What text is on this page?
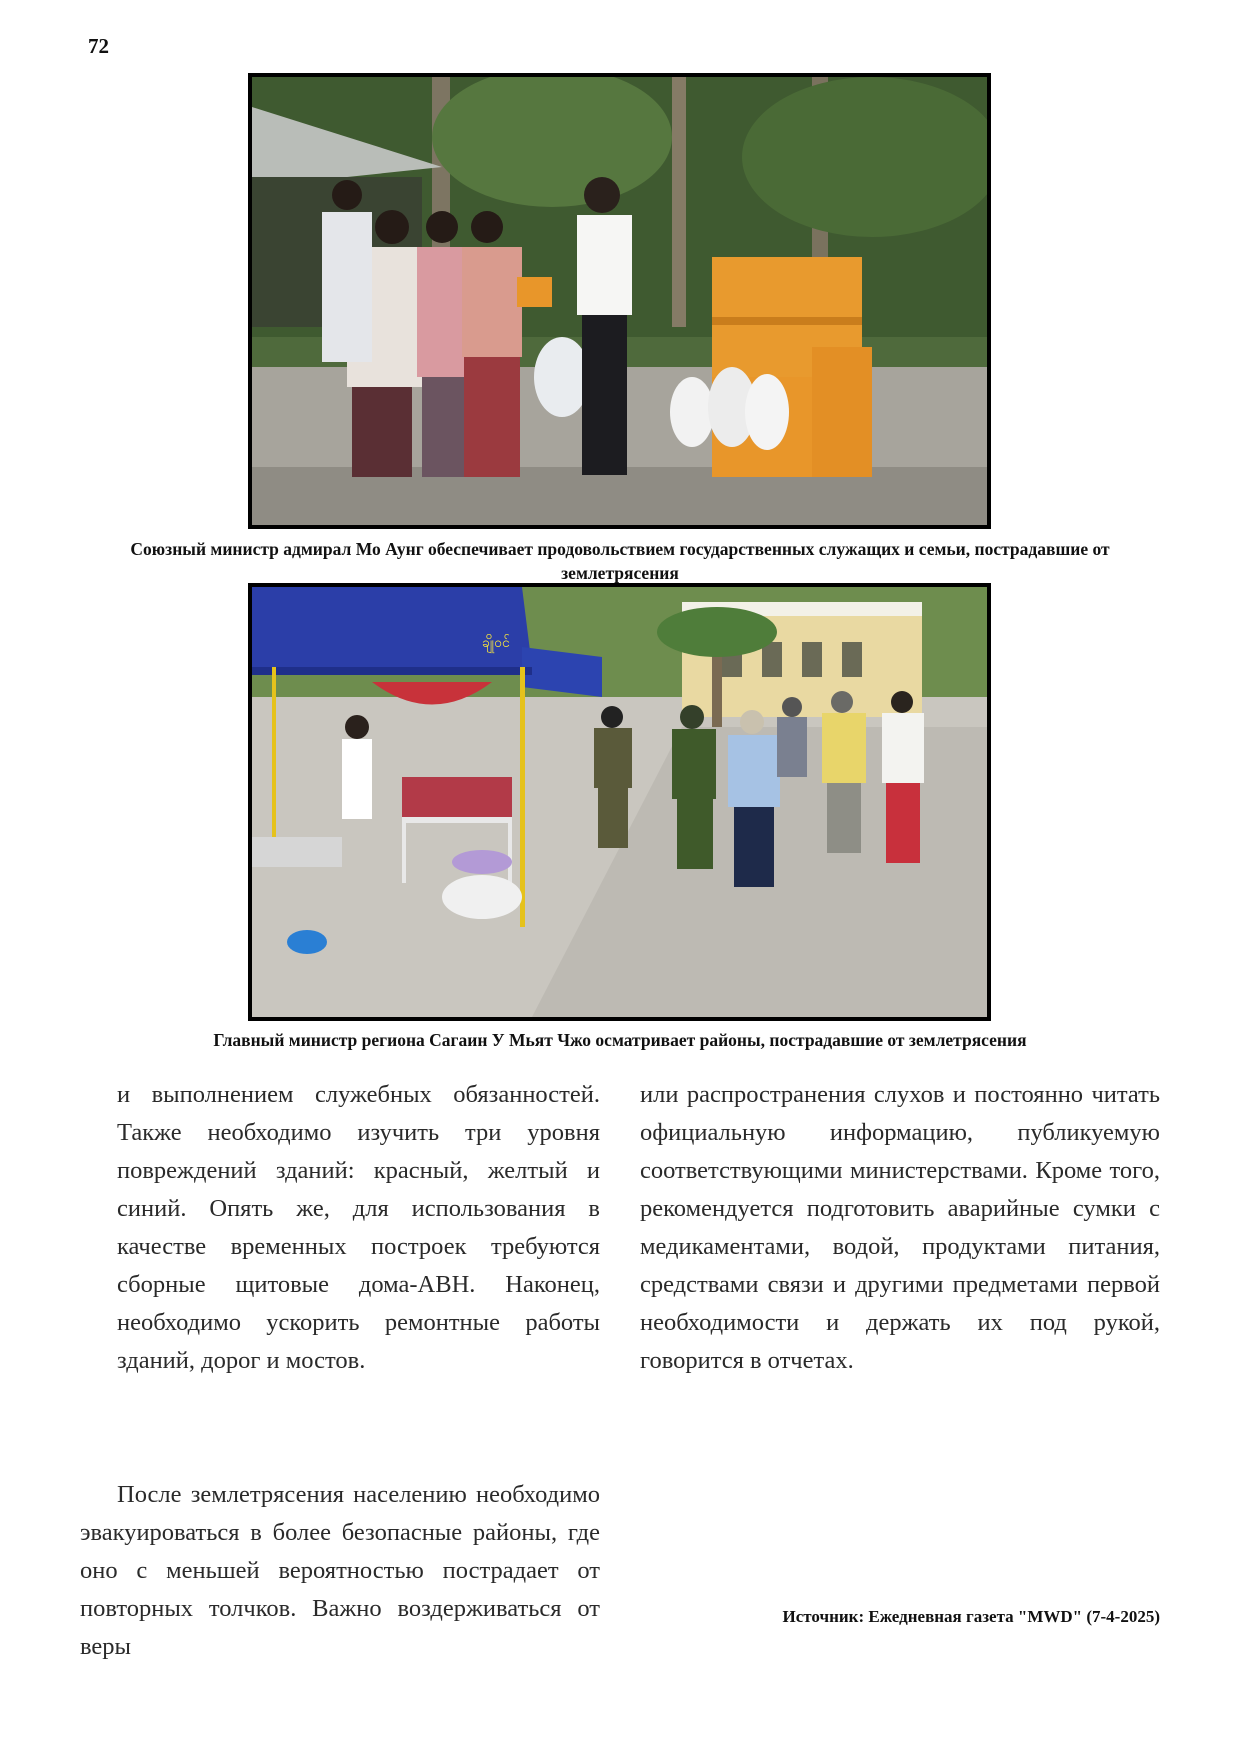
72
Союзный министр адмирал Мо Аунг обеспечивает продовольствием государственных служащих и семьи, пострадавшие от землетрясения
ချိုဝင်
Главный министр региона Сагаин У Мьят Чжо осматривает районы, пострадавшие от землетрясения

и выполнением служебных обязанностей. Также необходимо изучить три уровня повреждений зданий: красный, желтый и синий. Опять же, для использования в качестве временных построек требуются сборные щитовые дома-ABH. Наконец, необходимо ускорить ремонтные работы зданий, дорог и мостов.

После землетрясения населению необходимо эвакуироваться в более безопасные районы, где оно с меньшей вероятностью пострадает от повторных толчков. Важно воздерживаться от веры

или распространения слухов и постоянно читать официальную информацию, публикуемую соответствующими министерствами. Кроме того, рекомендуется подготовить аварийные сумки с медикаментами, водой, продуктами питания, средствами связи и другими предметами первой необходимости и держать их под рукой, говорится в отчетах.

Источник: Ежедневная газета "MWD" (7-4-2025)
